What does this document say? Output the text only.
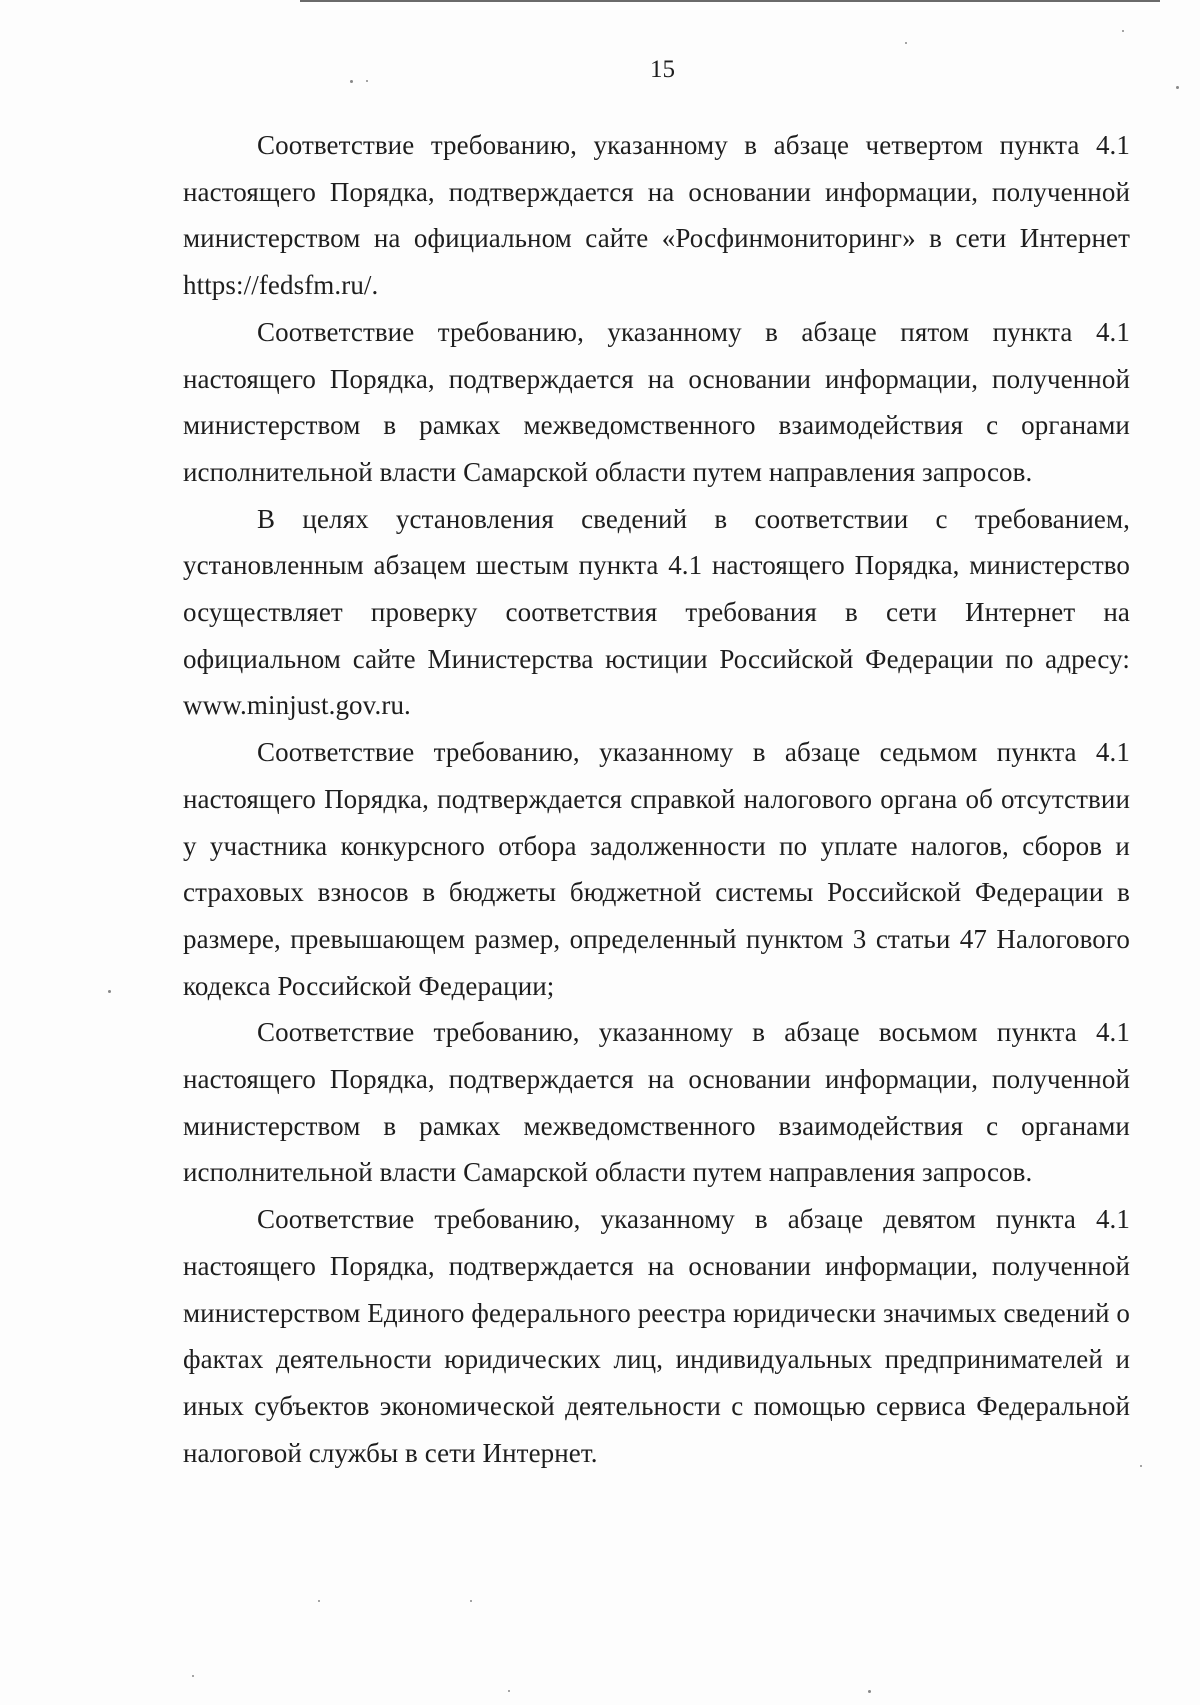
15

Соответствие требованию, указанному в абзаце четвертом пункта 4.1 настоящего Порядка, подтверждается на основании информации, полученной министерством на официальном сайте «Росфинмониторинг» в сети Интернет https://fedsfm.ru/.

Соответствие требованию, указанному в абзаце пятом пункта 4.1 настоящего Порядка, подтверждается на основании информации, полученной министерством в рамках межведомственного взаимодействия с органами исполнительной власти Самарской области путем направления запросов.

В целях установления сведений в соответствии с требованием, установленным абзацем шестым пункта 4.1 настоящего Порядка, министерство осуществляет проверку соответствия требования в сети Интернет на официальном сайте Министерства юстиции Российской Федерации по адресу: www.minjust.gov.ru.

Соответствие требованию, указанному в абзаце седьмом пункта 4.1 настоящего Порядка, подтверждается справкой налогового органа об отсутствии у участника конкурсного отбора задолженности по уплате налогов, сборов и страховых взносов в бюджеты бюджетной системы Российской Федерации в размере, превышающем размер, определенный пунктом 3 статьи 47 Налогового кодекса Российской Федерации;

Соответствие требованию, указанному в абзаце восьмом пункта 4.1 настоящего Порядка, подтверждается на основании информации, полученной министерством в рамках межведомственного взаимодействия с органами исполнительной власти Самарской области путем направления запросов.

Соответствие требованию, указанному в абзаце девятом пункта 4.1 настоящего Порядка, подтверждается на основании информации, полученной министерством Единого федерального реестра юридически значимых сведений о фактах деятельности юридических лиц, индивидуальных предпринимателей и иных субъектов экономической деятельности с помощью сервиса Федеральной налоговой службы в сети Интернет.
